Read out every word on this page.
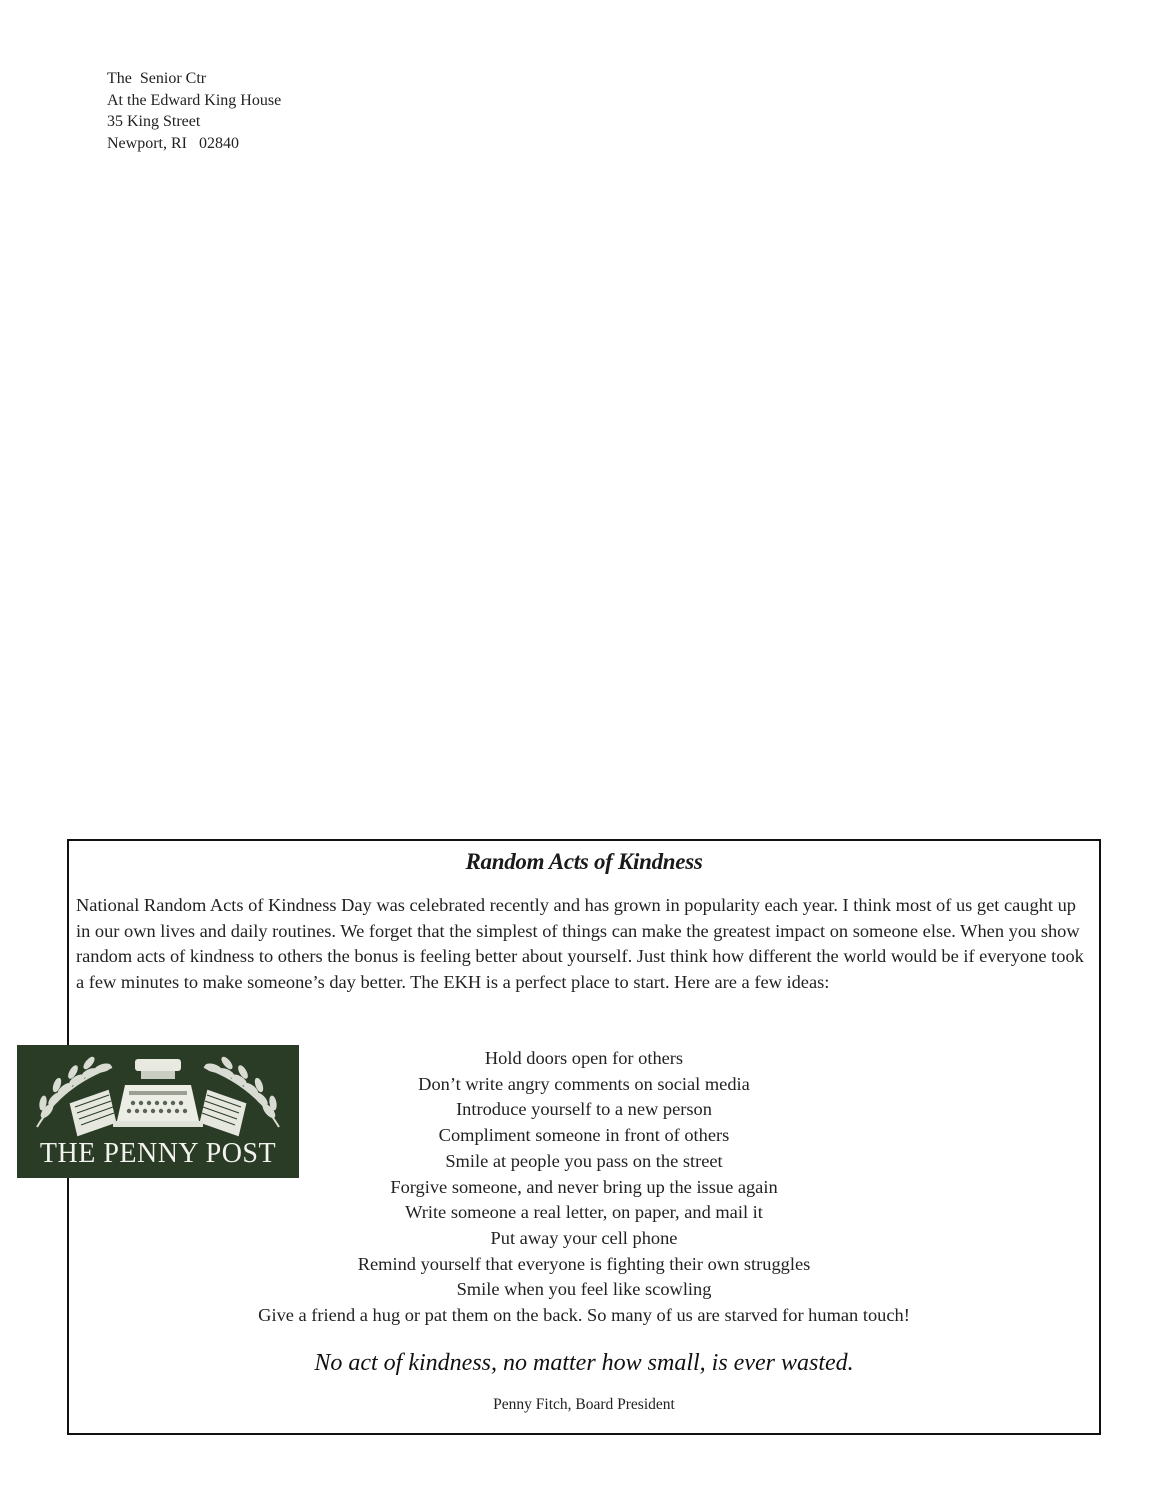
The  Senior Ctr
At the Edward King House
35 King Street
Newport, RI   02840
Random Acts of Kindness
National Random Acts of Kindness Day was celebrated recently and has grown in popularity each year. I think most of us get caught up in our own lives and daily routines. We forget that the simplest of things can make the greatest impact on someone else. When you show random acts of kindness to others the bonus is feeling better about yourself. Just think how different the world would be if everyone took a few minutes to make someone’s day better. The EKH is a perfect place to start. Here are a few ideas:
Hold doors open for others
Don’t write angry comments on social media
Introduce yourself to a new person
Compliment someone in front of others
Smile at people you pass on the street
Forgive someone, and never bring up the issue again
Write someone a real letter, on paper, and mail it
Put away your cell phone
Remind yourself that everyone is fighting their own struggles
Smile when you feel like scowling
Give a friend a hug or pat them on the back. So many of us are starved for human touch!
No act of kindness, no matter how small, is ever wasted.
Penny Fitch, Board President
THE PENNY POST
